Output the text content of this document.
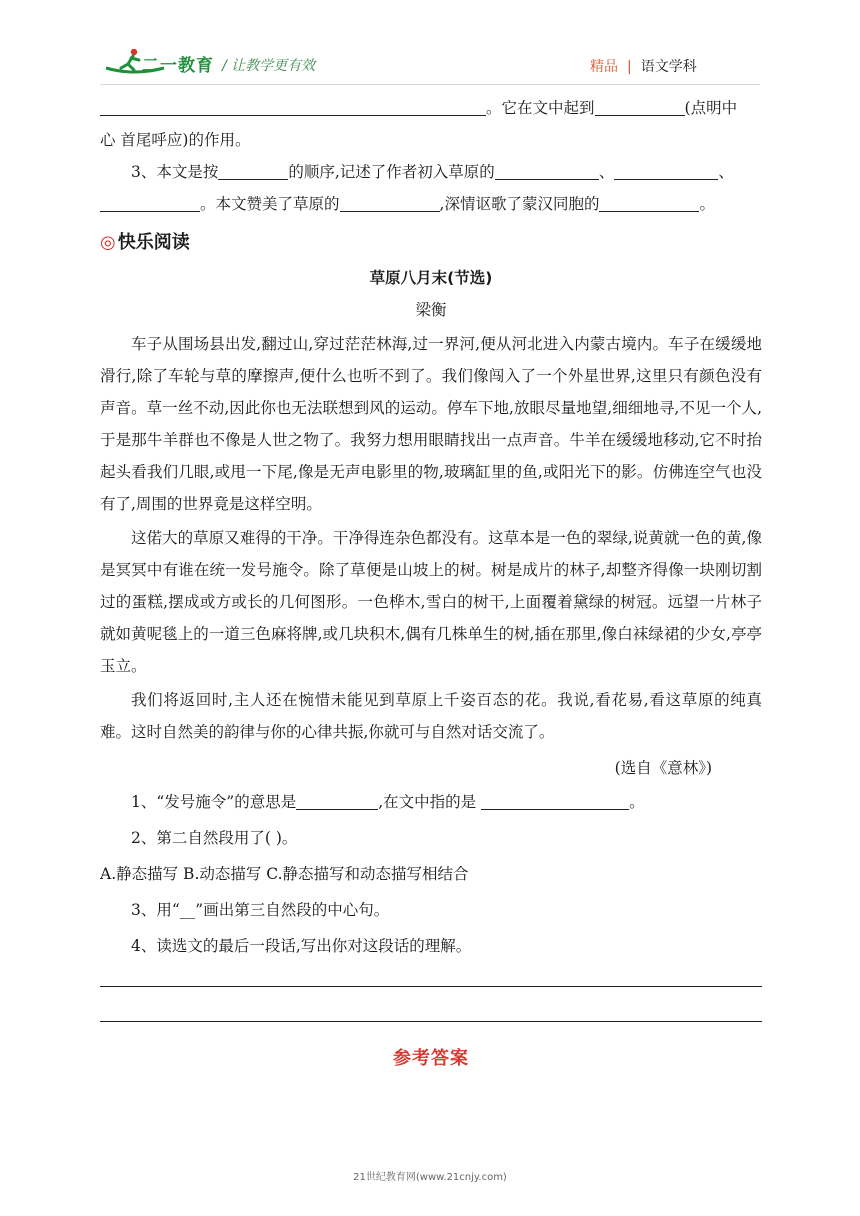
二一教育 / 让教学更有效	精品 | 语文学科

。它在文中起到	(点明中

心 首尾呼应)的作用。

3、本文是按	的顺序,记述了作者初入草原的	、	、

。本文赞美了草原的	,深情讴歌了蒙汉同胞的	。

◎ 快乐阅读
草原八月末(节选)
梁衡

车子从围场县出发,翻过山,穿过茫茫林海,过一界河,便从河北进入内蒙古境内。车子在缓缓地滑行,除了车轮与草的摩擦声,便什么也听不到了。我们像闯入了一个外星世界,这里只有颜色没有声音。草一丝不动,因此你也无法联想到风的运动。停车下地,放眼尽量地望,细细地寻,不见一个人,于是那牛羊群也不像是人世之物了。我努力想用眼睛找出一点声音。牛羊在缓缓地移动,它不时抬起头看我们几眼,或甩一下尾,像是无声电影里的物,玻璃缸里的鱼,或阳光下的影。仿佛连空气也没有了,周围的世界竟是这样空明。

这偌大的草原又难得的干净。干净得连杂色都没有。这草本是一色的翠绿,说黄就一色的黄,像是冥冥中有谁在统一发号施令。除了草便是山坡上的树。树是成片的林子,却整齐得像一块刚切割过的蛋糕,摆成或方或长的几何图形。一色桦木,雪白的树干,上面覆着黛绿的树冠。远望一片林子就如黄呢毯上的一道三色麻将牌,或几块积木,偶有几株单生的树,插在那里,像白袜绿裙的少女,亭亭玉立。

我们将返回时,主人还在惋惜未能见到草原上千姿百态的花。我说,看花易,看这草原的纯真难。这时自然美的韵律与你的心律共振,你就可与自然对话交流了。

(选自《意林》)

1、“发号施令”的意思是	,在文中指的是	。

2、第二自然段用了( )。

A.静态描写 B.动态描写 C.静态描写和动态描写相结合

3、用“__”画出第三自然段的中心句。

4、读选文的最后一段话,写出你对这段话的理解。

参考答案
21世纪教育网(www.21cnjy.com)
